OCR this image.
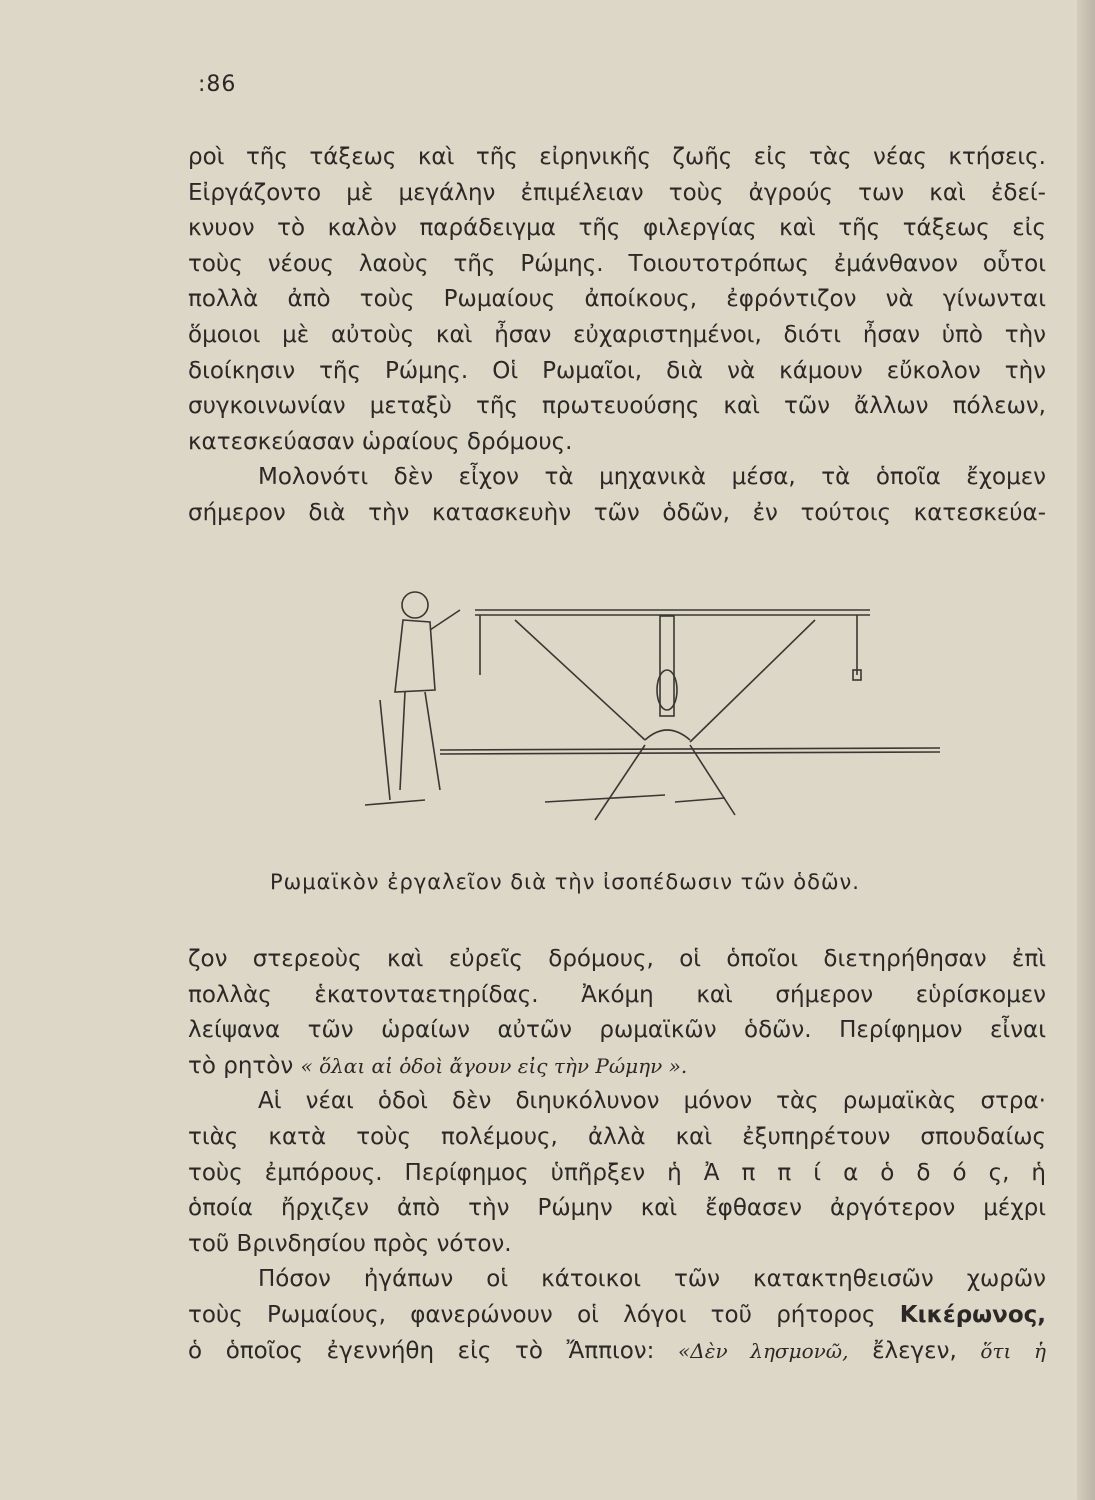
:86
ροὶ τῆς τάξεως καὶ τῆς εἰρηνικῆς ζωῆς εἰς τὰς νέας κτήσεις.
Εἰργάζοντο μὲ μεγάλην ἐπιμέλειαν τοὺς ἀγρούς των καὶ ἐδεί-
κνυον τὸ καλὸν παράδειγμα τῆς φιλεργίας καὶ τῆς τάξεως εἰς
τοὺς νέους λαοὺς τῆς Ρώμης. Τοιουτοτρόπως ἐμάνθανον οὗτοι
πολλὰ ἀπὸ τοὺς Ρωμαίους ἀποίκους, ἐφρόντιζον νὰ γίνωνται
ὅμοιοι μὲ αὐτοὺς καὶ ἦσαν εὐχαριστημένοι, διότι ἦσαν ὑπὸ τὴν
διοίκησιν τῆς Ρώμης. Οἱ Ρωμαῖοι, διὰ νὰ κάμουν εὔκολον τὴν
συγκοινωνίαν μεταξὺ τῆς πρωτευούσης καὶ τῶν ἄλλων πόλεων,
κατεσκεύασαν ὡραίους δρόμους.
Μολονότι δὲν εἶχον τὰ μηχανικὰ μέσα, τὰ ὁποῖα ἔχομεν
σήμερον διὰ τὴν κατασκευὴν τῶν ὁδῶν, ἐν τούτοις κατεσκεύα-
Ρωμαϊκὸν ἐργαλεῖον διὰ τὴν ἰσοπέδωσιν τῶν ὁδῶν.
ζον στερεοὺς καὶ εὐρεῖς δρόμους, οἱ ὁποῖοι διετηρήθησαν ἐπὶ
πολλὰς ἑκατονταετηρίδας. Ἀκόμη καὶ σήμερον εὑρίσκομεν
λείψανα τῶν ὡραίων αὐτῶν ρωμαϊκῶν ὁδῶν. Περίφημον εἶναι
τὸ ρητὸν « ὅλαι αἱ ὁδοὶ ἄγουν εἰς τὴν Ρώμην ».
Αἱ νέαι ὁδοὶ δὲν διηυκόλυνον μόνον τὰς ρωμαϊκὰς στρα·
τιὰς κατὰ τοὺς πολέμους, ἀλλὰ καὶ ἐξυπηρέτουν σπουδαίως
τοὺς ἐμπόρους. Περίφημος ὑπῆρξεν ἡ Ἀ π π ί α ὁ δ ό ς, ἡ
ὁποία ἤρχιζεν ἀπὸ τὴν Ρώμην καὶ ἔφθασεν ἀργότερον μέχρι
τοῦ Βρινδησίου πρὸς νότον.
Πόσον ἠγάπων οἱ κάτοικοι τῶν κατακτηθεισῶν χωρῶν
τοὺς Ρωμαίους, φανερώνουν οἱ λόγοι τοῦ ρήτορος Κικέρωνος,
ὁ ὁποῖος ἐγεννήθη εἰς τὸ Ἄππιον: «Δὲν λησμονῶ, ἔλεγεν, ὅτι ἡ
